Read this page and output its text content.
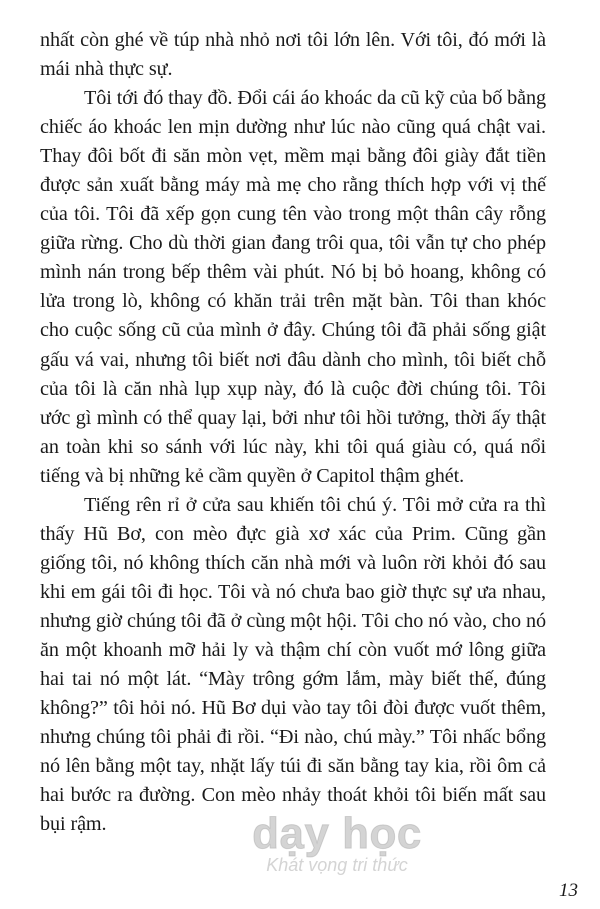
nhất còn ghé về túp nhà nhỏ nơi tôi lớn lên. Với tôi, đó mới là mái nhà thực sự.

Tôi tới đó thay đồ. Đổi cái áo khoác da cũ kỹ của bố bằng chiếc áo khoác len mịn dường như lúc nào cũng quá chật vai. Thay đôi bốt đi săn mòn vẹt, mềm mại bằng đôi giày đắt tiền được sản xuất bằng máy mà mẹ cho rằng thích hợp với vị thế của tôi. Tôi đã xếp gọn cung tên vào trong một thân cây rỗng giữa rừng. Cho dù thời gian đang trôi qua, tôi vẫn tự cho phép mình nán trong bếp thêm vài phút. Nó bị bỏ hoang, không có lửa trong lò, không có khăn trải trên mặt bàn. Tôi than khóc cho cuộc sống cũ của mình ở đây. Chúng tôi đã phải sống giật gấu vá vai, nhưng tôi biết nơi đâu dành cho mình, tôi biết chỗ của tôi là căn nhà lụp xụp này, đó là cuộc đời chúng tôi. Tôi ước gì mình có thể quay lại, bởi như tôi hồi tưởng, thời ấy thật an toàn khi so sánh với lúc này, khi tôi quá giàu có, quá nổi tiếng và bị những kẻ cầm quyền ở Capitol thậm ghét.

Tiếng rên rỉ ở cửa sau khiến tôi chú ý. Tôi mở cửa ra thì thấy Hũ Bơ, con mèo đực già xơ xác của Prim. Cũng gần giống tôi, nó không thích căn nhà mới và luôn rời khỏi đó sau khi em gái tôi đi học. Tôi và nó chưa bao giờ thực sự ưa nhau, nhưng giờ chúng tôi đã ở cùng một hội. Tôi cho nó vào, cho nó ăn một khoanh mỡ hải ly và thậm chí còn vuốt mớ lông giữa hai tai nó một lát. “Mày trông gớm lắm, mày biết thế, đúng không?” tôi hỏi nó. Hũ Bơ dụi vào tay tôi đòi được vuốt thêm, nhưng chúng tôi phải đi rồi. “Đi nào, chú mày.” Tôi nhấc bổng nó lên bằng một tay, nhặt lấy túi đi săn bằng tay kia, rồi ôm cả hai bước ra đường. Con mèo nhảy thoát khỏi tôi biến mất sau bụi rậm.	dạy học
Khát vọng tri thức
13
